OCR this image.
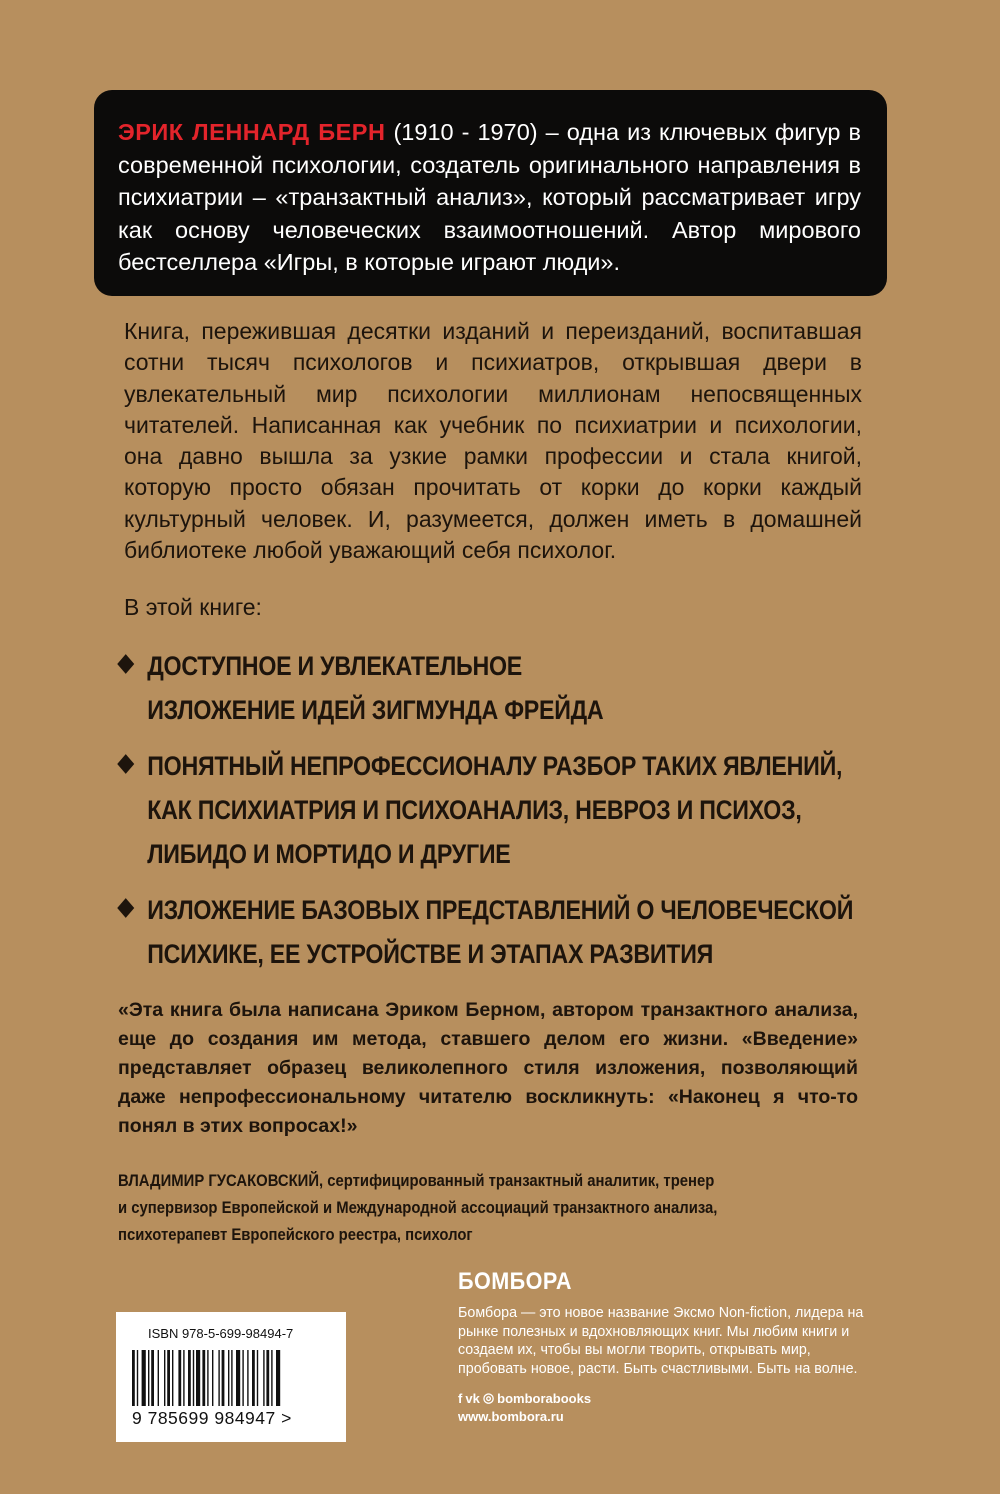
ЭРИК ЛЕННАРД БЕРН (1910 - 1970) – одна из ключевых фигур в современной психологии, создатель оригинального направления в психиатрии – «транзактный анализ», который рассматривает игру как основу человеческих взаимоотношений. Автор мирового бестселлера «Игры, в которые играют люди».

Книга, пережившая десятки изданий и переизданий, воспитавшая сотни тысяч психологов и психиатров, открывшая двери в увлекательный мир психологии миллионам непосвященных читателей. Написанная как учебник по психиатрии и психологии, она давно вышла за узкие рамки профессии и стала книгой, которую просто обязан прочитать от корки до корки каждый культурный человек. И, разумеется, должен иметь в домашней библиотеке любой уважающий себя психолог.

В этой книге:

ДОСТУПНОЕ И УВЛЕКАТЕЛЬНОЕ
ИЗЛОЖЕНИЕ ИДЕЙ ЗИГМУНДА ФРЕЙДА
ПОНЯТНЫЙ НЕПРОФЕССИОНАЛУ РАЗБОР ТАКИХ ЯВЛЕНИЙ,
КАК ПСИХИАТРИЯ И ПСИХОАНАЛИЗ, НЕВРОЗ И ПСИХОЗ,
ЛИБИДО И МОРТИДО И ДРУГИЕ
ИЗЛОЖЕНИЕ БАЗОВЫХ ПРЕДСТАВЛЕНИЙ О ЧЕЛОВЕЧЕСКОЙ
ПСИХИКЕ, ЕЕ УСТРОЙСТВЕ И ЭТАПАХ РАЗВИТИЯ

«Эта книга была написана Эриком Берном, автором транзактного анализа, еще до создания им метода, ставшего делом его жизни. «Введение» представляет образец великолепного стиля изложения, позволяющий даже непрофессиональному читателю воскликнуть: «Наконец я что-то понял в этих вопросах!»

ВЛАДИМИР ГУСАКОВСКИЙ, сертифицированный транзактный аналитик, тренер
и супервизор Европейской и Международной ассоциаций транзактного анализа,
психотерапевт Европейского реестра, психолог
ISBN 978-5-699-98494-7
9 785699 984947 >
БОМБОРА
Бомбора — это новое название Эксмо Non-fiction, лидера на рынке полезных и вдохновляющих книг. Мы любим книги и создаем их, чтобы вы могли творить, открывать мир, пробовать новое, расти. Быть счастливыми. Быть на волне.
f vk ◎ bomborabooks
www.bombora.ru
